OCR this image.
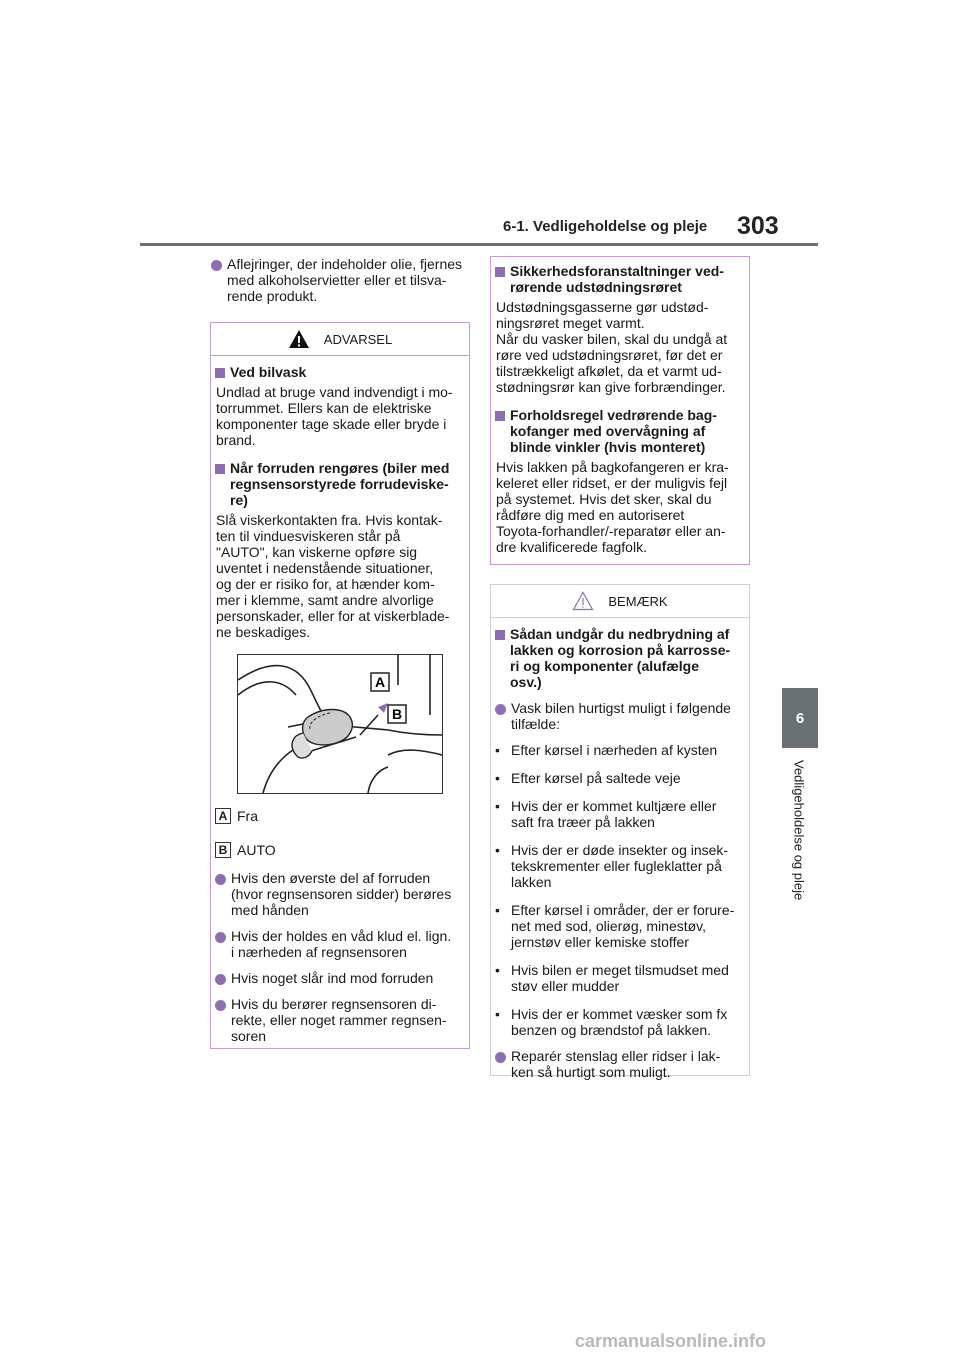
6-1. Vedligeholdelse og pleje 303
6
Vedligeholdelse og pleje
Aflejringer, der indeholder olie, fjernes
med alkoholservietter eller et tilsva-
rende produkt.
ADVARSEL
Ved bilvask
Undlad at bruge vand indvendigt i mo-
torrummet. Ellers kan de elektriske
komponenter tage skade eller bryde i
brand.
Når forruden rengøres (biler med
regnsensorstyrede forrudeviske-
re)
Slå viskerkontakten fra. Hvis kontak-
ten til vinduesviskeren står på
"AUTO", kan viskerne opføre sig
uventet i nedenstående situationer,
og der er risiko for, at hænder kom-
mer i klemme, samt andre alvorlige
personskader, eller for at viskerblade-
ne beskadiges.
A
B
A Fra
B AUTO
Hvis den øverste del af forruden
(hvor regnsensoren sidder) berøres
med hånden
Hvis der holdes en våd klud el. lign.
i nærheden af regnsensoren
Hvis noget slår ind mod forruden
Hvis du berører regnsensoren di-
rekte, eller noget rammer regnsen-
soren
Sikkerhedsforanstaltninger ved-
rørende udstødningsrøret
Udstødningsgasserne gør udstød-
ningsrøret meget varmt.
Når du vasker bilen, skal du undgå at
røre ved udstødningsrøret, før det er
tilstrækkeligt afkølet, da et varmt ud-
stødningsrør kan give forbrændinger.
Forholdsregel vedrørende bag-
kofanger med overvågning af
blinde vinkler (hvis monteret)
Hvis lakken på bagkofangeren er kra-
keleret eller ridset, er der muligvis fejl
på systemet. Hvis det sker, skal du
rådføre dig med en autoriseret
Toyota-forhandler/-reparatør eller an-
dre kvalificerede fagfolk.
BEMÆRK
Sådan undgår du nedbrydning af
lakken og korrosion på karrosse-
ri og komponenter (alufælge
osv.)
Vask bilen hurtigst muligt i følgende
tilfælde:
• Efter kørsel i nærheden af kysten
• Efter kørsel på saltede veje
• Hvis der er kommet kultjære eller
saft fra træer på lakken
• Hvis der er døde insekter og insek-
tekskrementer eller fugleklatter på
lakken
• Efter kørsel i områder, der er forure-
net med sod, olierøg, minestøv,
jernstøv eller kemiske stoffer
• Hvis bilen er meget tilsmudset med
støv eller mudder
• Hvis der er kommet væsker som fx
benzen og brændstof på lakken.
Reparér stenslag eller ridser i lak-
ken så hurtigt som muligt.
carmanualsonline.info
